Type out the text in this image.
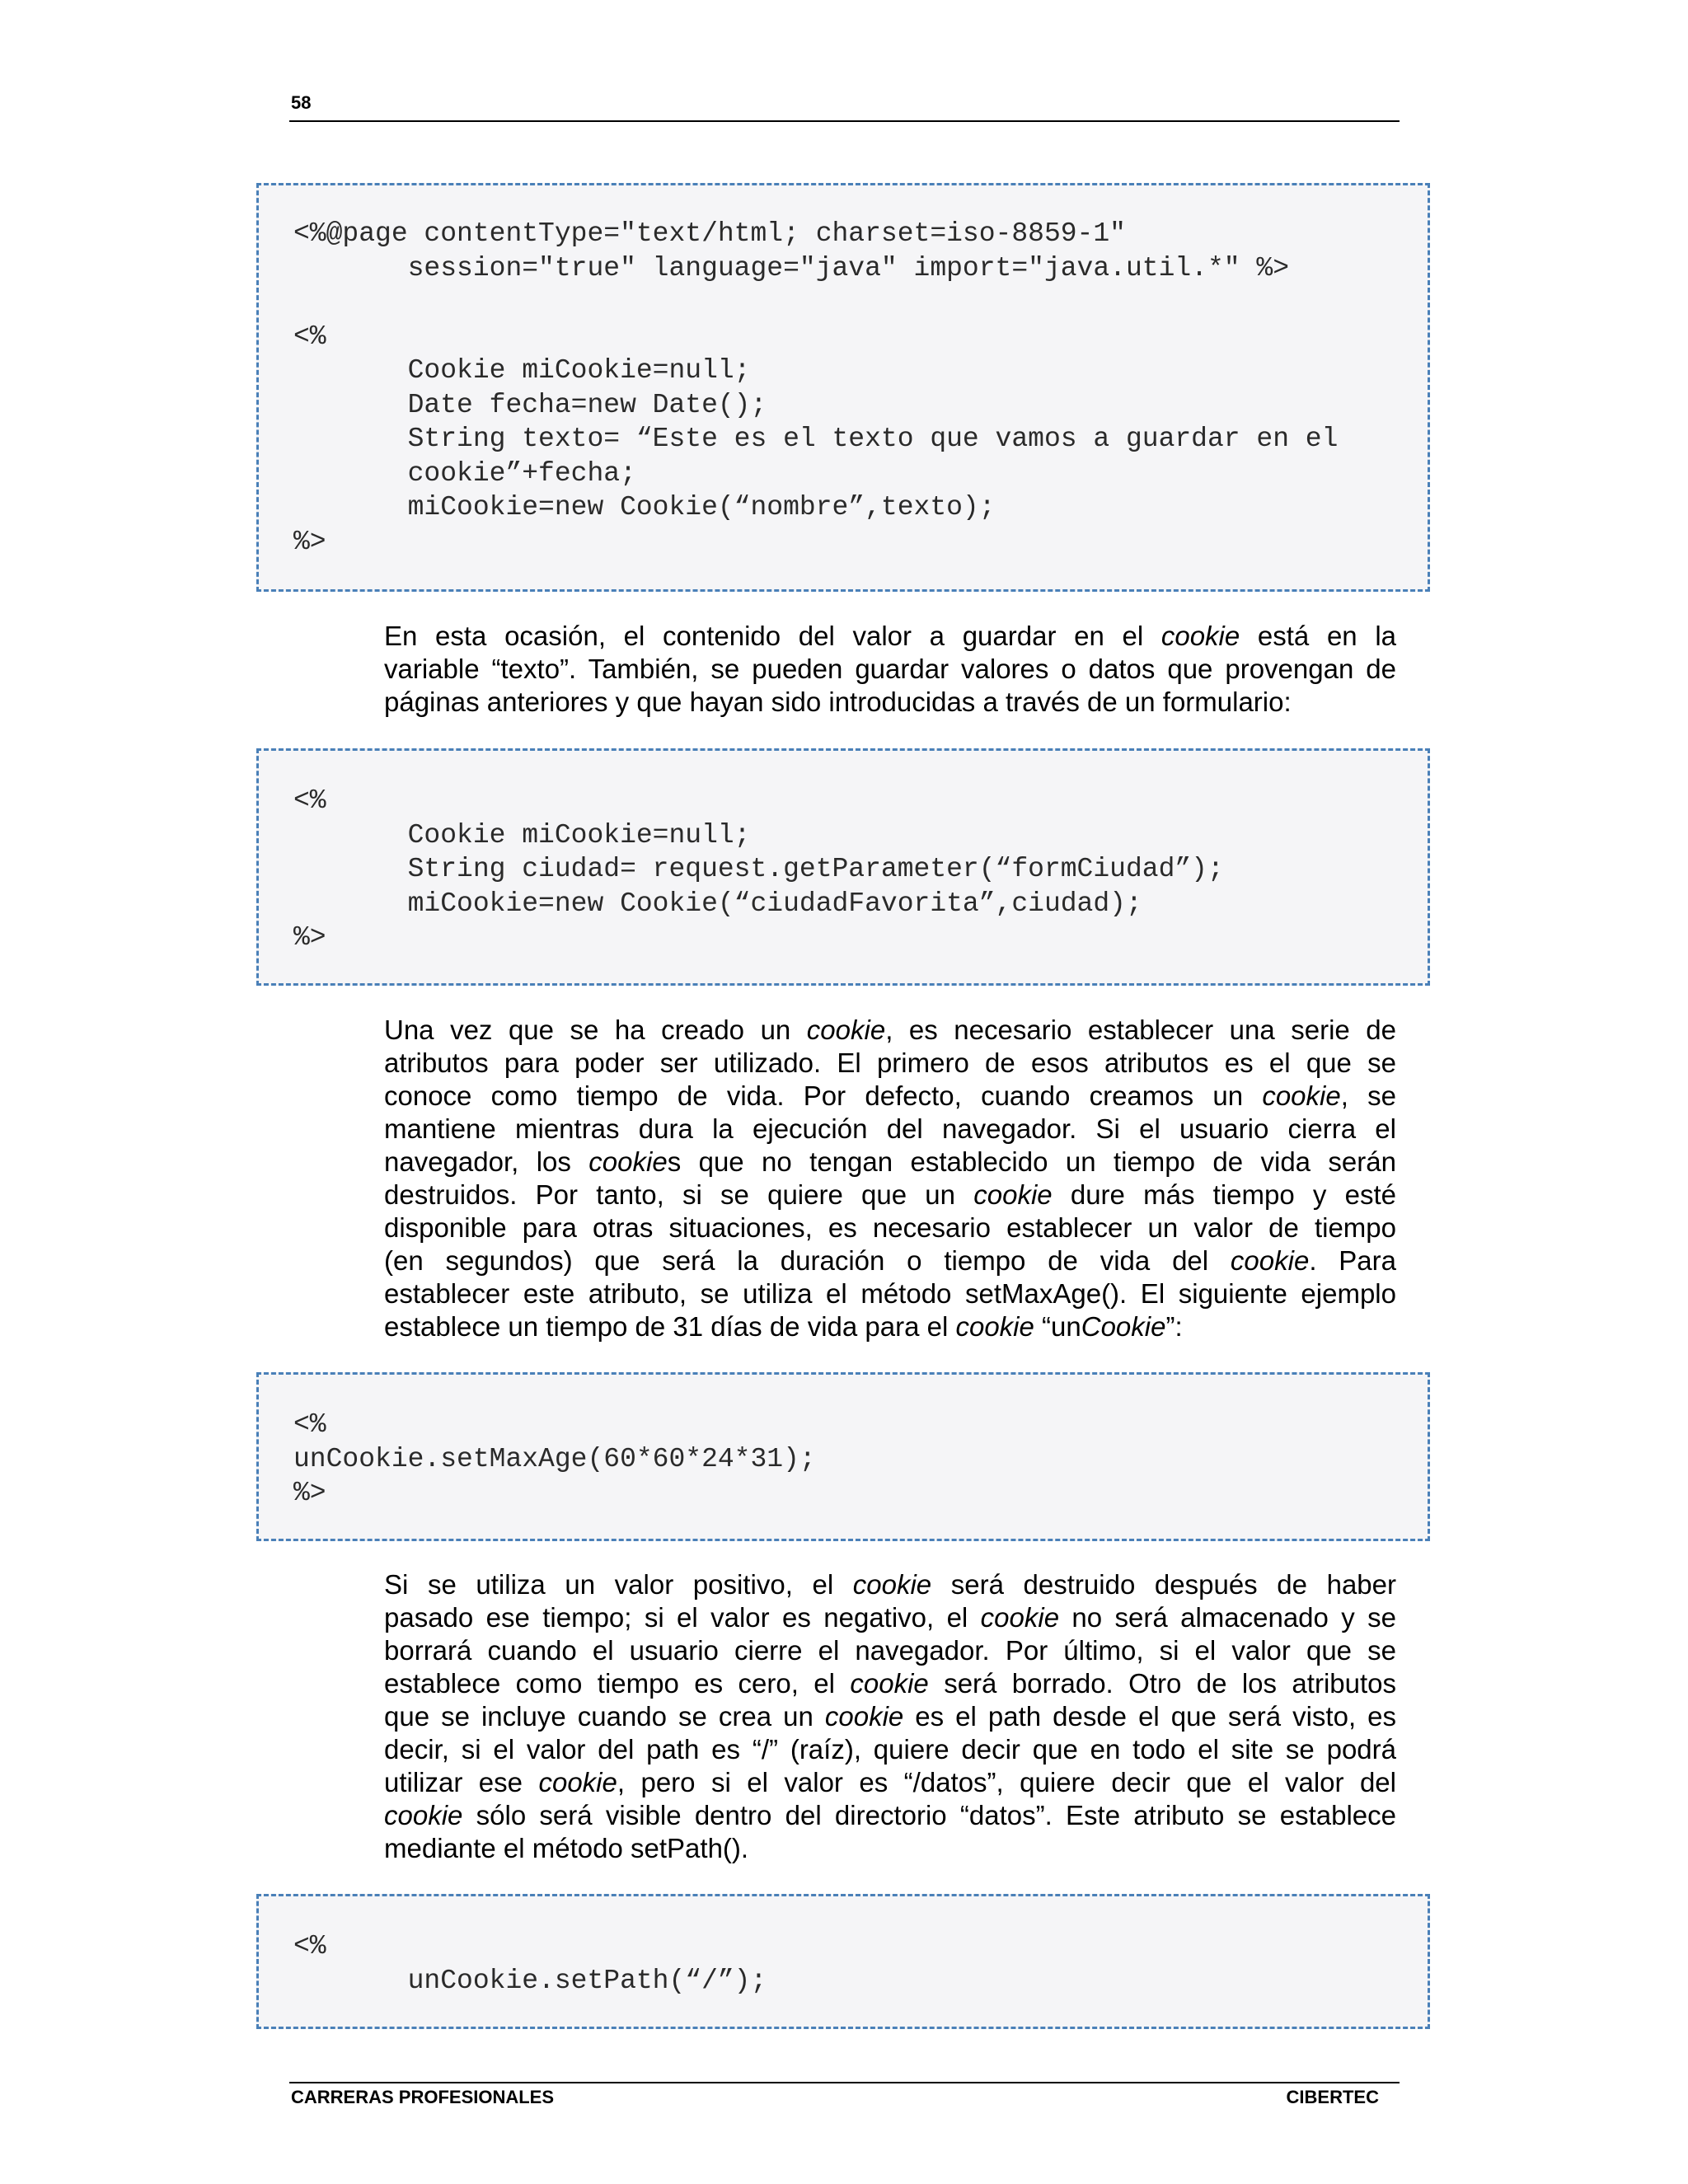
58
<%@page contentType="text/html; charset=iso-8859-1"
session="true" language="java" import="java.util.*" %>
<%
Cookie miCookie=null;
Date fecha=new Date();
String texto= “Este es el texto que vamos a guardar en el
cookie”+fecha;
miCookie=new Cookie(“nombre”,texto);
%>
En esta ocasión, el contenido del valor a guardar en el cookie está en la
variable “texto”. También, se pueden guardar valores o datos que provengan de
páginas anteriores y que hayan sido introducidas a través de un formulario:
<%
Cookie miCookie=null;
String ciudad= request.getParameter(“formCiudad”);
miCookie=new Cookie(“ciudadFavorita”,ciudad);
%>
Una vez que se ha creado un cookie, es necesario establecer una serie de
atributos para poder ser utilizado. El primero de esos atributos es el que se
conoce como tiempo de vida. Por defecto, cuando creamos un cookie, se
mantiene mientras dura la ejecución del navegador. Si el usuario cierra el
navegador, los cookies que no tengan establecido un tiempo de vida serán
destruidos. Por tanto, si se quiere que un cookie dure más tiempo y esté
disponible para otras situaciones, es necesario establecer un valor de tiempo
(en segundos) que será la duración o tiempo de vida del cookie. Para
establecer este atributo, se utiliza el método setMaxAge(). El siguiente ejemplo
establece un tiempo de 31 días de vida para el cookie “unCookie”:
<%
unCookie.setMaxAge(60*60*24*31);
%>
Si se utiliza un valor positivo, el cookie será destruido después de haber
pasado ese tiempo; si el valor es negativo, el cookie no será almacenado y se
borrará cuando el usuario cierre el navegador. Por último, si el valor que se
establece como tiempo es cero, el cookie será borrado. Otro de los atributos
que se incluye cuando se crea un cookie es el path desde el que será visto, es
decir, si el valor del path es “/” (raíz), quiere decir que en todo el site se podrá
utilizar ese cookie, pero si el valor es “/datos”, quiere decir que el valor del
cookie sólo será visible dentro del directorio “datos”. Este atributo se establece
mediante el método setPath().
<%
unCookie.setPath(“/”);
CARRERAS PROFESIONALES	CIBERTEC
